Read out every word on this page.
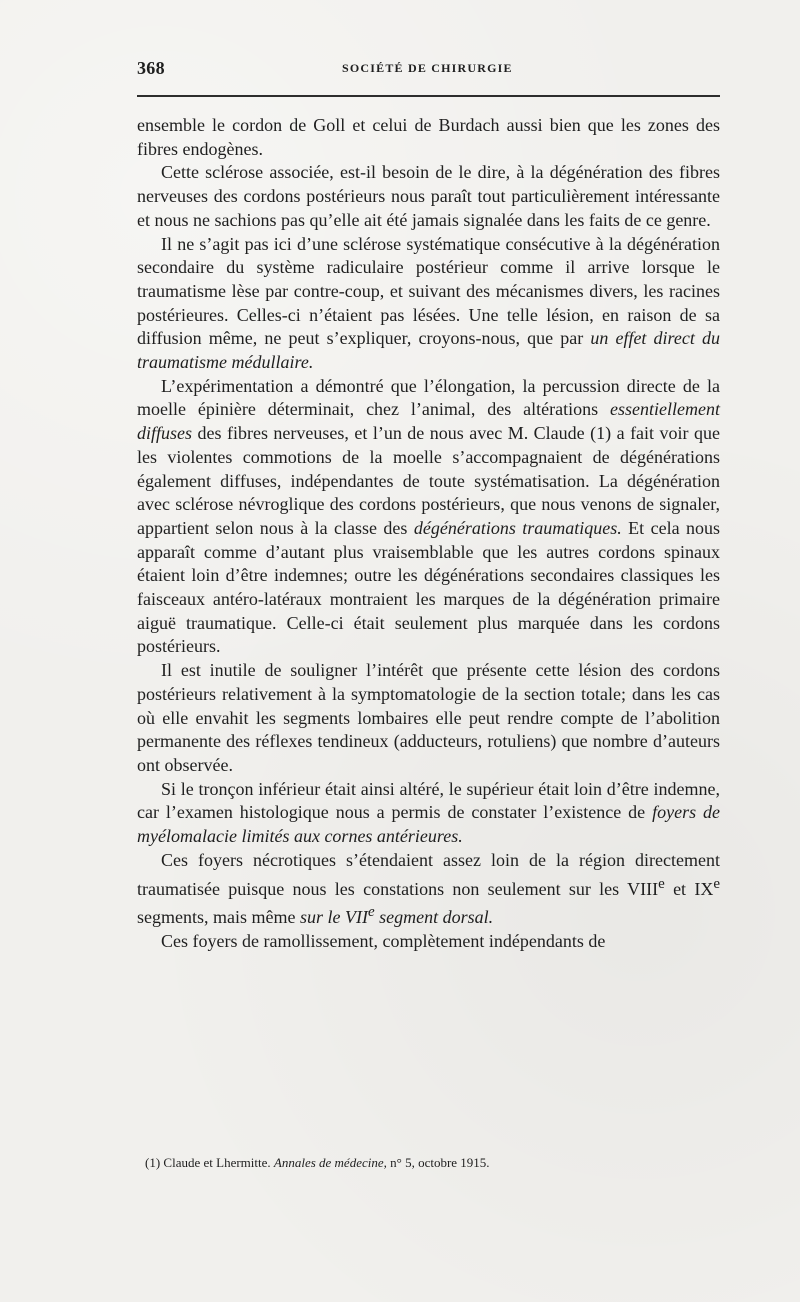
368	SOCIÉTÉ DE CHIRURGIE

ensemble le cordon de Goll et celui de Burdach aussi bien que les zones des fibres endogènes.

Cette sclérose associée, est-il besoin de le dire, à la dégénération des fibres nerveuses des cordons postérieurs nous paraît tout particulièrement intéressante et nous ne sachions pas qu’elle ait été jamais signalée dans les faits de ce genre.

Il ne s’agit pas ici d’une sclérose systématique consécutive à la dégénération secondaire du système radiculaire postérieur comme il arrive lorsque le traumatisme lèse par contre-coup, et suivant des mécanismes divers, les racines postérieures. Celles-ci n’étaient pas lésées. Une telle lésion, en raison de sa diffusion même, ne peut s’expliquer, croyons-nous, que par un effet direct du traumatisme médullaire.

L’expérimentation a démontré que l’élongation, la percussion directe de la moelle épinière déterminait, chez l’animal, des altérations essentiellement diffuses des fibres nerveuses, et l’un de nous avec M. Claude (1) a fait voir que les violentes commotions de la moelle s’accompagnaient de dégénérations également diffuses, indépendantes de toute systématisation. La dégénération avec sclérose névroglique des cordons postérieurs, que nous venons de signaler, appartient selon nous à la classe des dégénérations traumatiques. Et cela nous apparaît comme d’autant plus vraisemblable que les autres cordons spinaux étaient loin d’être indemnes; outre les dégénérations secondaires classiques les faisceaux antéro-latéraux montraient les marques de la dégénération primaire aiguë traumatique. Celle-ci était seulement plus marquée dans les cordons postérieurs.

Il est inutile de souligner l’intérêt que présente cette lésion des cordons postérieurs relativement à la symptomatologie de la section totale; dans les cas où elle envahit les segments lombaires elle peut rendre compte de l’abolition permanente des réflexes tendineux (adducteurs, rotuliens) que nombre d’auteurs ont observée.

Si le tronçon inférieur était ainsi altéré, le supérieur était loin d’être indemne, car l’examen histologique nous a permis de constater l’existence de foyers de myélomalacie limités aux cornes antérieures.

Ces foyers nécrotiques s’étendaient assez loin de la région directement traumatisée puisque nous les constations non seulement sur les VIIIe et IXe segments, mais même sur le VIIe segment dorsal.

Ces foyers de ramollissement, complètement indépendants de

(1) Claude et Lhermitte. Annales de médecine, n° 5, octobre 1915.
